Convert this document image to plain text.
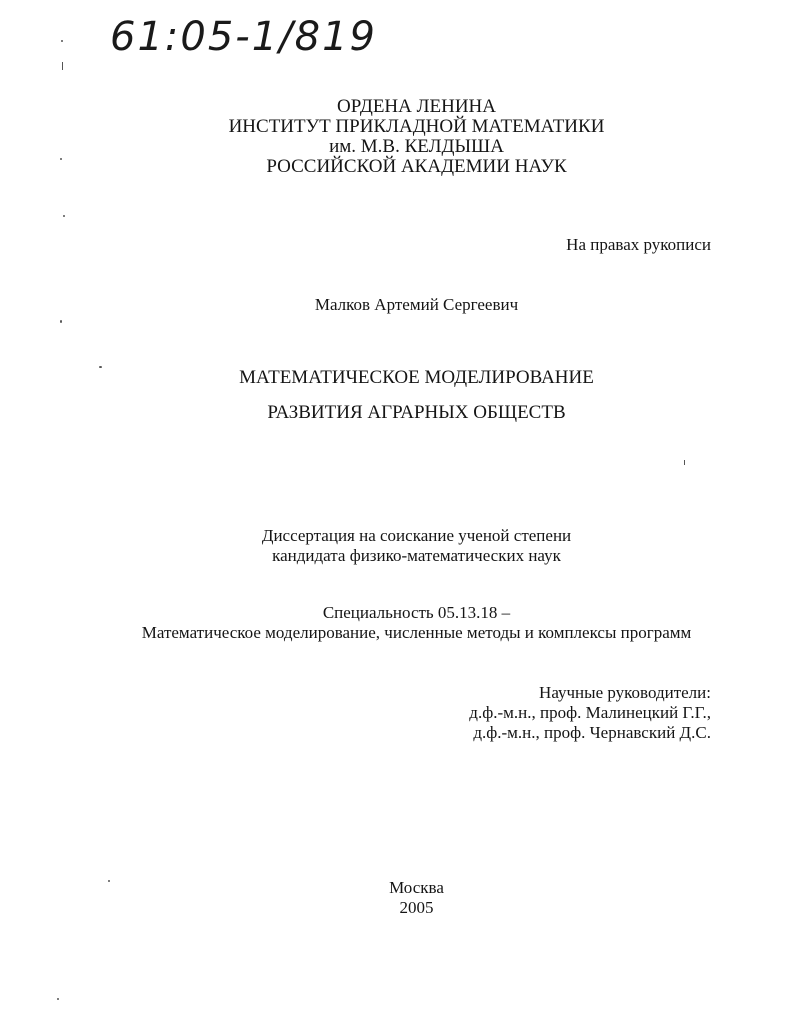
61:05-1/819
ОРДЕНА ЛЕНИНА
ИНСТИТУТ ПРИКЛАДНОЙ МАТЕМАТИКИ
им. М.В. КЕЛДЫША
РОССИЙСКОЙ АКАДЕМИИ НАУК
На правах рукописи
Малков Артемий Сергеевич
МАТЕМАТИЧЕСКОЕ МОДЕЛИРОВАНИЕ
РАЗВИТИЯ АГРАРНЫХ ОБЩЕСТВ
Диссертация на соискание ученой степени
кандидата физико-математических наук
Специальность 05.13.18 –
Математическое моделирование, численные методы и комплексы программ
Научные руководители:
д.ф.-м.н., проф. Малинецкий Г.Г.,
д.ф.-м.н., проф. Чернавский Д.С.
Москва
2005
